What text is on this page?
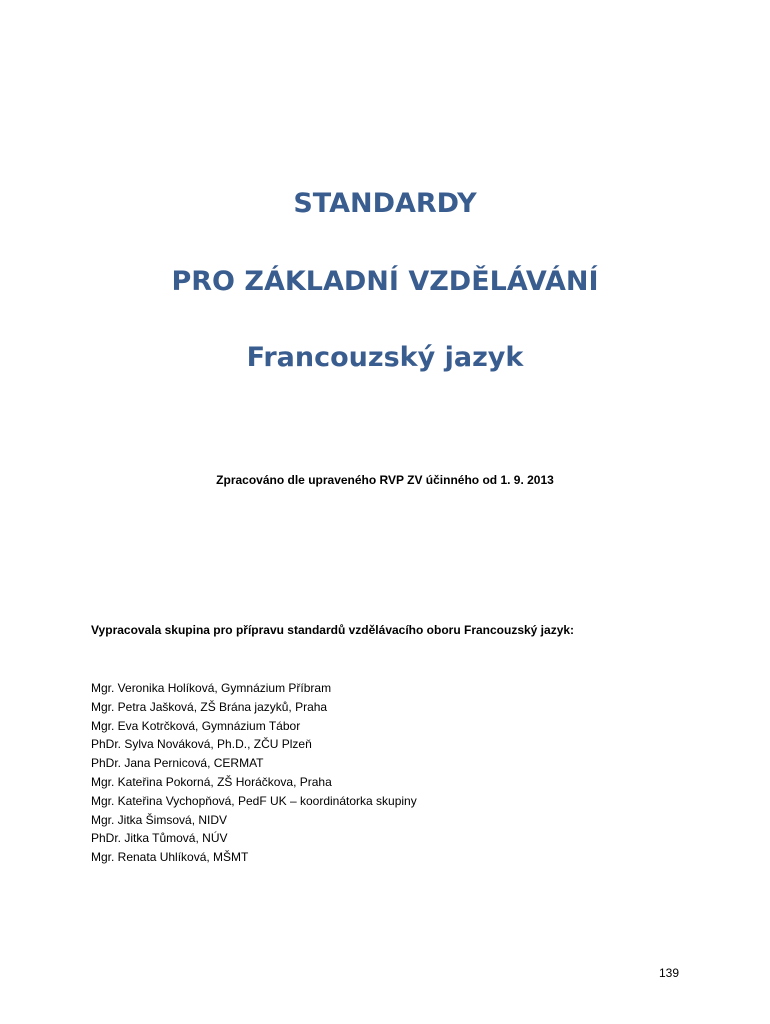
STANDARDY
PRO ZÁKLADNÍ VZDĚLÁVÁNÍ
Francouzský jazyk

Zpracováno dle upraveného RVP ZV účinného od 1. 9. 2013

Vypracovala skupina pro přípravu standardů vzdělávacího oboru Francouzský jazyk:

Mgr. Veronika Holíková, Gymnázium Příbram
Mgr. Petra Jašková, ZŠ Brána jazyků, Praha
Mgr. Eva Kotrčková, Gymnázium Tábor
PhDr. Sylva Nováková, Ph.D., ZČU Plzeň
PhDr. Jana Pernicová, CERMAT
Mgr. Kateřina Pokorná, ZŠ Horáčkova, Praha
Mgr. Kateřina Vychopňová, PedF UK – koordinátorka skupiny
Mgr. Jitka Šimsová, NIDV
PhDr. Jitka Tůmová, NÚV
Mgr. Renata Uhlíková, MŠMT
139
